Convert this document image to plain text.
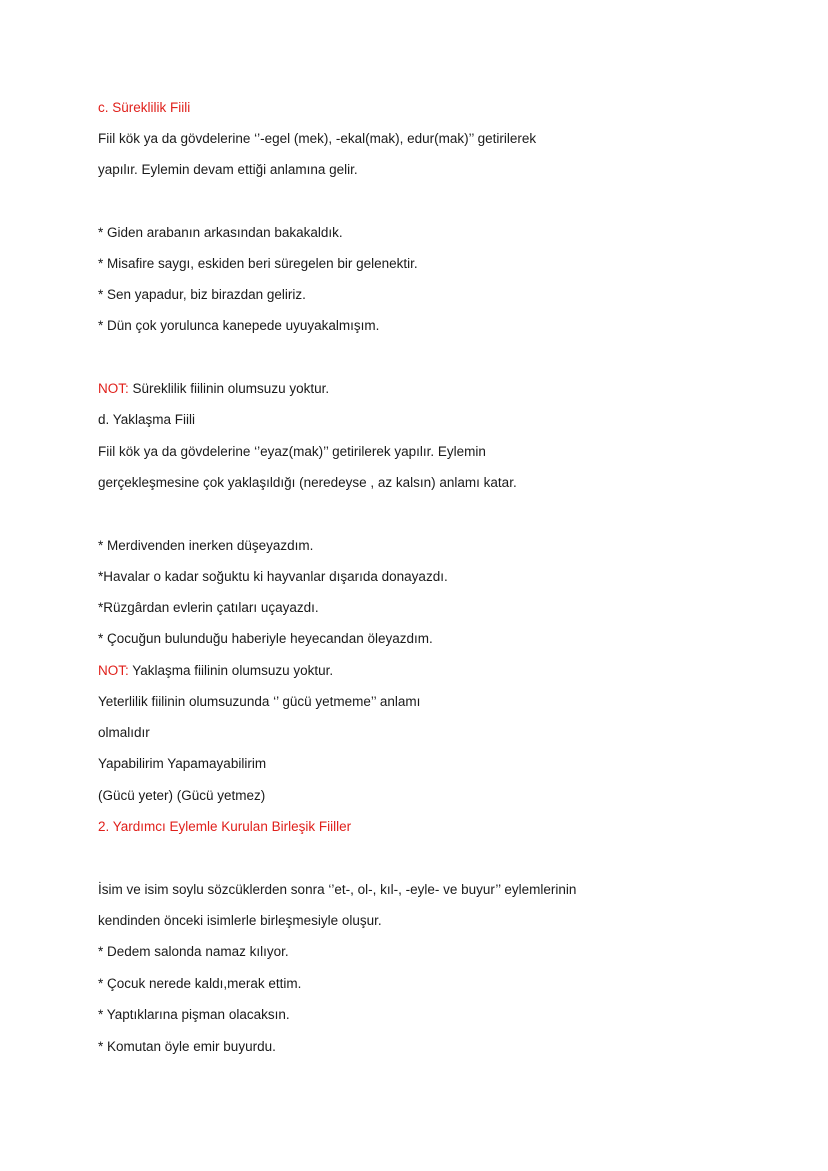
c. Süreklilik Fiili
Fiil kök ya da gövdelerine ‘’-egel (mek), -ekal(mak), edur(mak)’’ getirilerek
yapılır. Eylemin devam ettiği anlamına gelir.
* Giden arabanın arkasından bakakaldık.
* Misafire saygı, eskiden beri süregelen bir gelenektir.
* Sen yapadur, biz birazdan geliriz.
* Dün çok yorulunca kanepede uyuyakalmışım.
NOT: Süreklilik fiilinin olumsuzu yoktur.
d. Yaklaşma Fiili
Fiil kök ya da gövdelerine ‘’eyaz(mak)’’ getirilerek yapılır. Eylemin
gerçekleşmesine çok yaklaşıldığı (neredeyse , az kalsın) anlamı katar.
* Merdivenden inerken düşeyazdım.
*Havalar o kadar soğuktu ki hayvanlar dışarıda donayazdı.
*Rüzgârdan evlerin çatıları uçayazdı.
* Çocuğun bulunduğu haberiyle heyecandan öleyazdım.
NOT: Yaklaşma fiilinin olumsuzu yoktur.
Yeterlilik fiilinin olumsuzunda ‘’ gücü yetmeme’’ anlamı
olmalıdır
Yapabilirim Yapamayabilirim
(Gücü yeter) (Gücü yetmez)
2. Yardımcı Eylemle Kurulan Birleşik Fiiller
İsim ve isim soylu sözcüklerden sonra ‘’et-, ol-, kıl-, -eyle- ve buyur’’ eylemlerinin
kendinden önceki isimlerle birleşmesiyle oluşur.
* Dedem salonda namaz kılıyor.
* Çocuk nerede kaldı,merak ettim.
* Yaptıklarına pişman olacaksın.
* Komutan öyle emir buyurdu.
